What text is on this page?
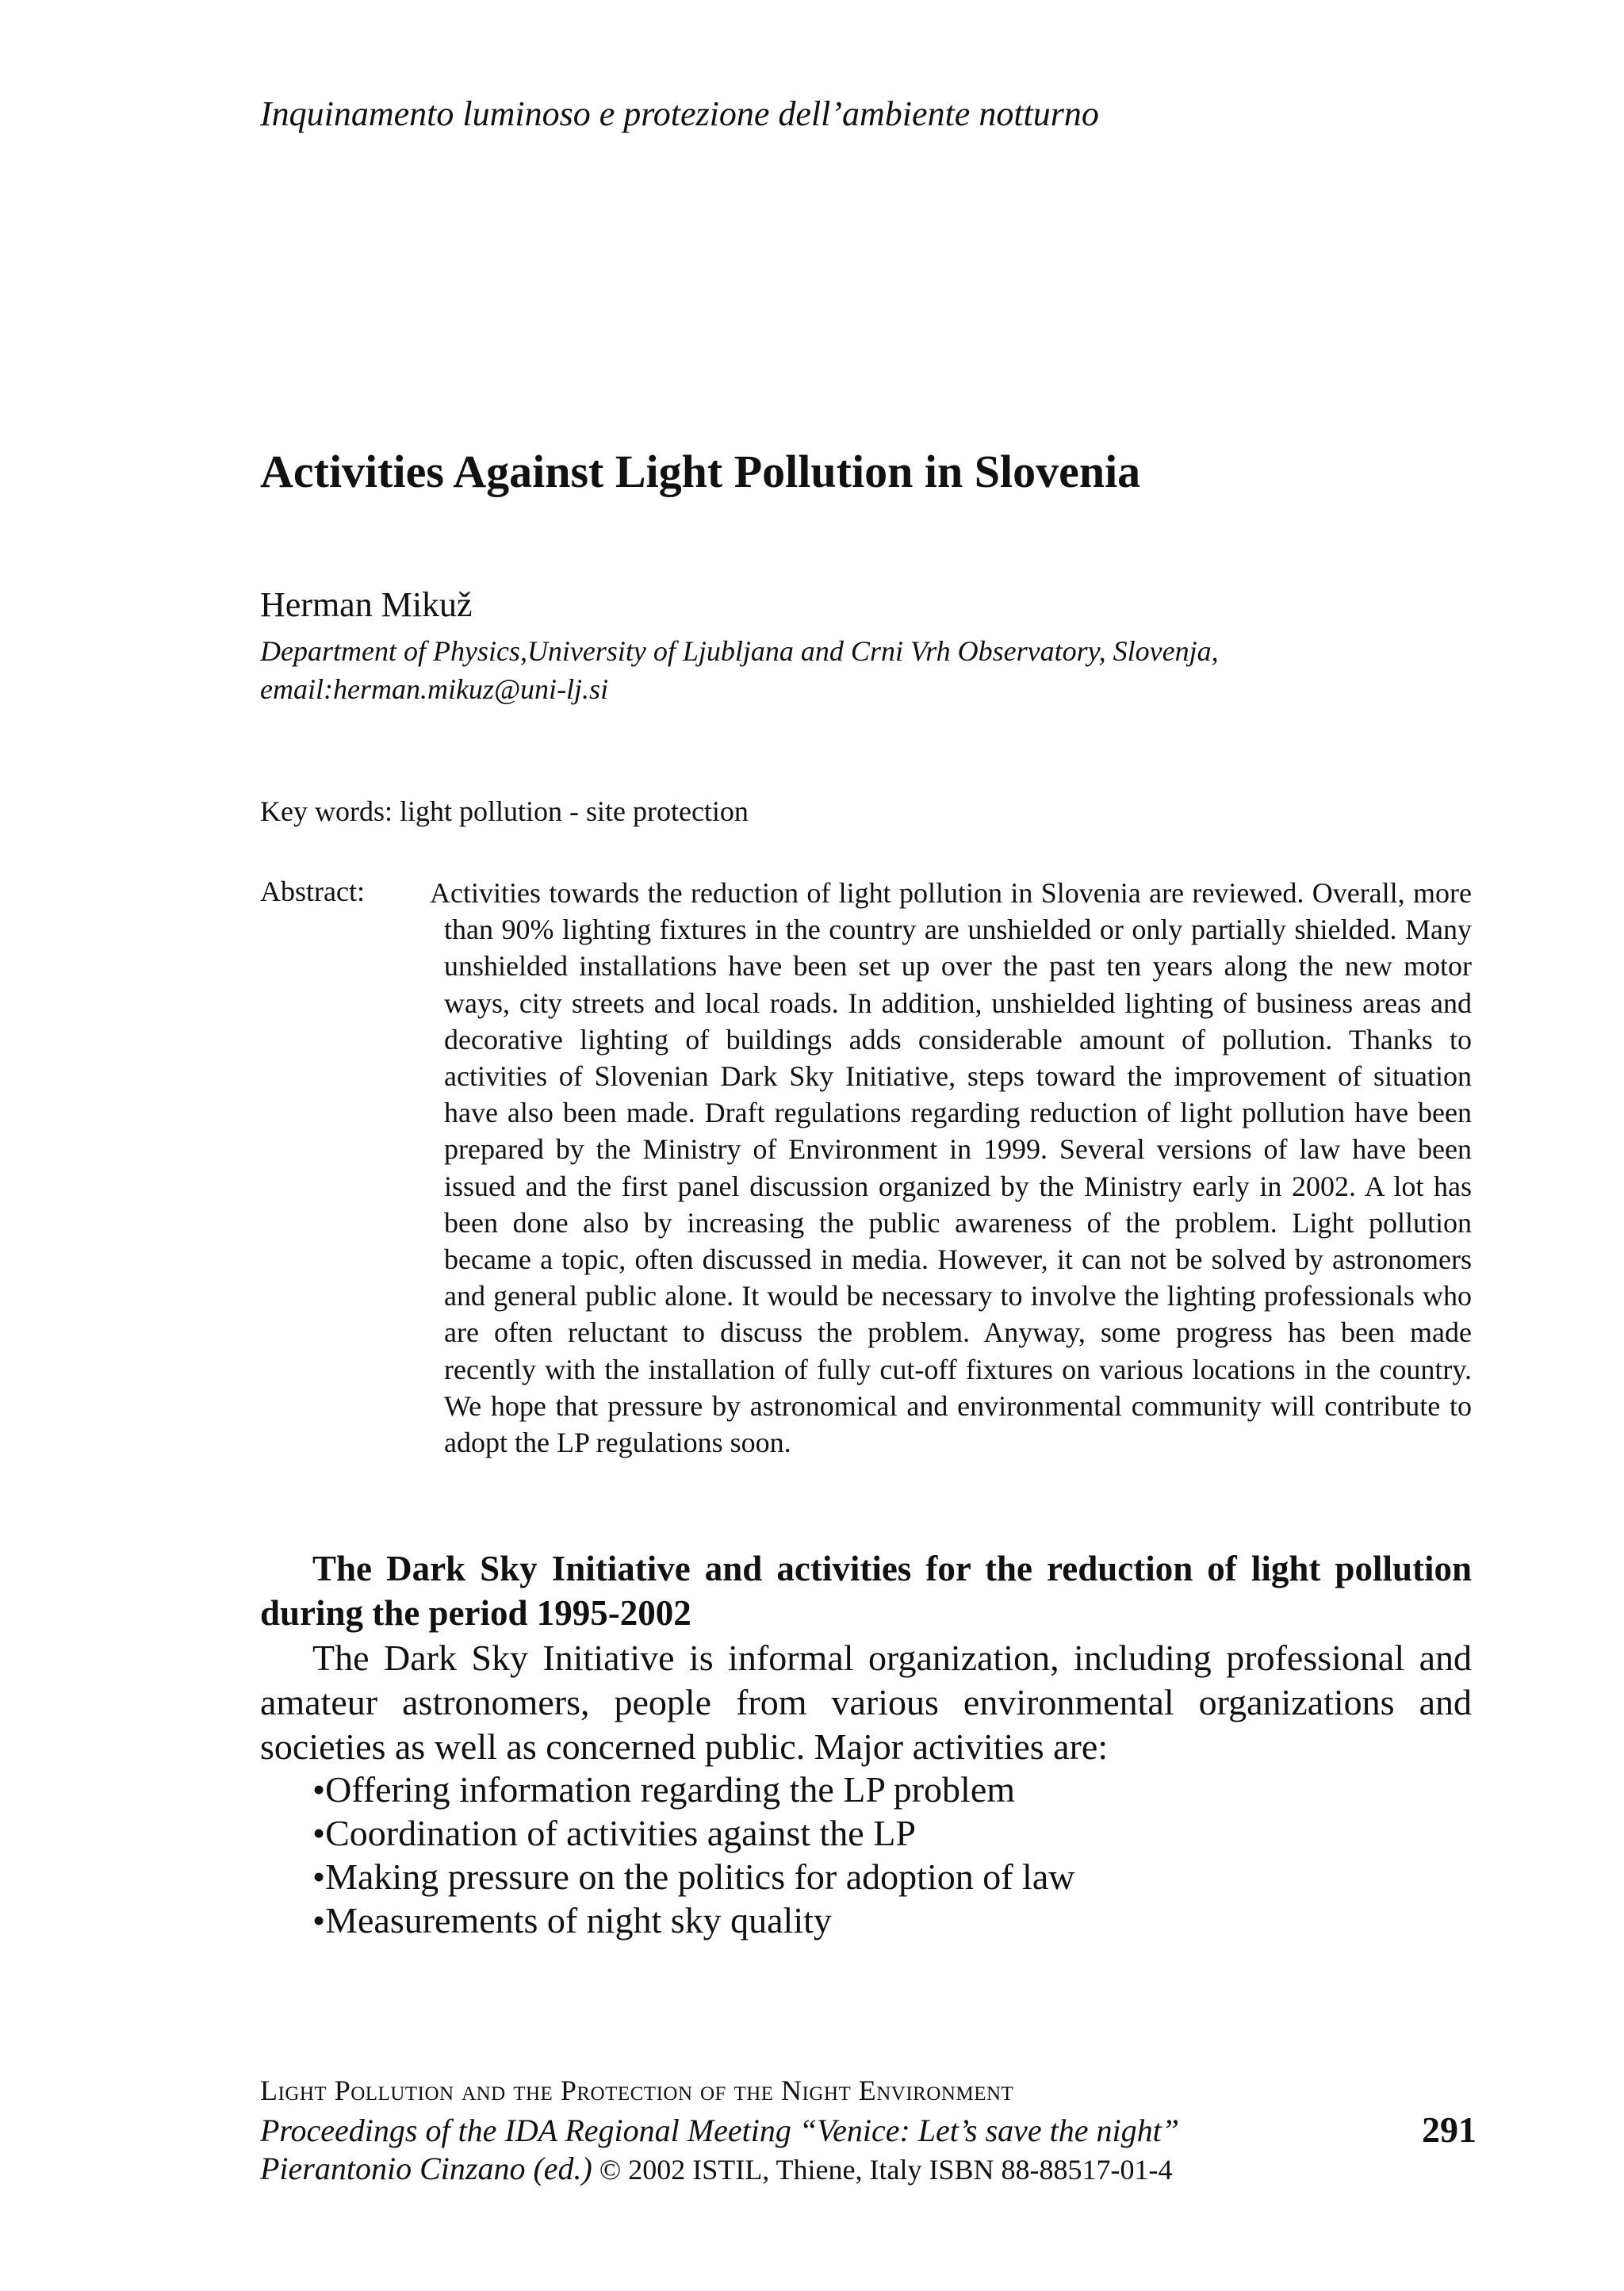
Inquinamento luminoso e protezione dell’ambiente notturno
Activities Against Light Pollution in Slovenia
Herman Mikuž
Department of Physics,University of Ljubljana and Crni Vrh Observatory, Slovenja,
email:herman.mikuz@uni-lj.si
Key words: light pollution - site protection
Abstract: Activities towards the reduction of light pollution in Slovenia are reviewed. Overall, more than 90% lighting fixtures in the country are unshielded or only partially shielded. Many unshielded installations have been set up over the past ten years along the new motor ways, city streets and local roads. In addition, unshielded lighting of business areas and decorative lighting of buildings adds considerable amount of pollution. Thanks to activities of Slovenian Dark Sky Initiative, steps toward the improvement of situation have also been made. Draft regulations regarding reduction of light pollution have been prepared by the Ministry of Environment in 1999. Several versions of law have been issued and the first panel discussion organized by the Ministry early in 2002. A lot has been done also by increasing the public awareness of the problem. Light pollution became a topic, often discussed in media. However, it can not be solved by astronomers and general public alone. It would be necessary to involve the lighting professionals who are often reluctant to discuss the problem. Anyway, some progress has been made recently with the installation of fully cut-off fixtures on various locations in the country. We hope that pressure by astronomical and environmental community will contribute to adopt the LP regulations soon.

The Dark Sky Initiative and activities for the reduction of light pollution during the period 1995-2002

The Dark Sky Initiative is informal organization, including professional and amateur astronomers, people from various environmental organizations and societies as well as concerned public. Major activities are:

•Offering information regarding the LP problem
•Coordination of activities against the LP
•Making pressure on the politics for adoption of law
•Measurements of night sky quality
Light Pollution and the Protection of the Night Environment
Proceedings of the IDA Regional Meeting “Venice: Let’s save the night”
Pierantonio Cinzano (ed.) © 2002 ISTIL, Thiene, Italy ISBN 88-88517-01-4
291
